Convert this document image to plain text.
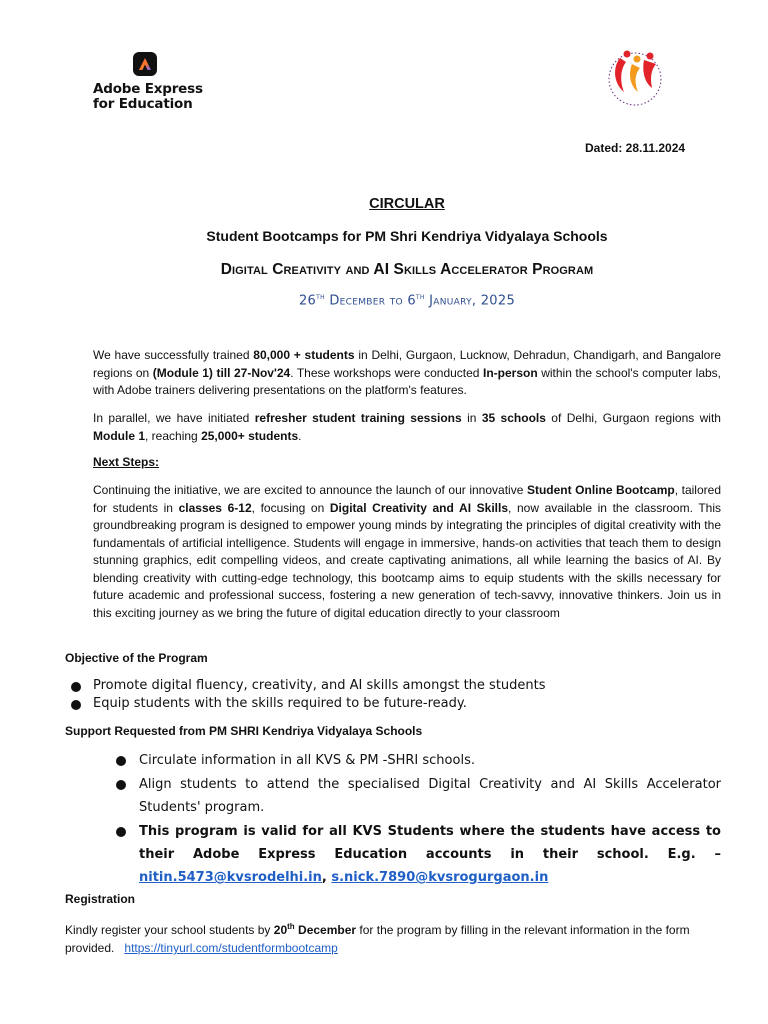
Adobe Express
for Education
Dated: 28.11.2024
CIRCULAR
Student Bootcamps for PM Shri Kendriya Vidyalaya Schools
Digital Creativity and AI Skills Accelerator Program
26th December to 6th January, 2025
We have successfully trained 80,000 + students in Delhi, Gurgaon, Lucknow, Dehradun, Chandigarh, and Bangalore regions on (Module 1) till 27-Nov'24. These workshops were conducted In-person within the school's computer labs, with Adobe trainers delivering presentations on the platform's features.
In parallel, we have initiated refresher student training sessions in 35 schools of Delhi, Gurgaon regions with Module 1, reaching 25,000+ students.
Next Steps:
Continuing the initiative, we are excited to announce the launch of our innovative Student Online Bootcamp, tailored for students in classes 6-12, focusing on Digital Creativity and AI Skills, now available in the classroom. This groundbreaking program is designed to empower young minds by integrating the principles of digital creativity with the fundamentals of artificial intelligence. Students will engage in immersive, hands-on activities that teach them to design stunning graphics, edit compelling videos, and create captivating animations, all while learning the basics of AI. By blending creativity with cutting-edge technology, this bootcamp aims to equip students with the skills necessary for future academic and professional success, fostering a new generation of tech-savvy, innovative thinkers. Join us in this exciting journey as we bring the future of digital education directly to your classroom
Objective of the Program
Promote digital fluency, creativity, and AI skills amongst the students
Equip students with the skills required to be future-ready.
Support Requested from PM SHRI Kendriya Vidyalaya Schools
Circulate information in all KVS & PM -SHRI schools.
Align students to attend the specialised Digital Creativity and AI Skills Accelerator Students' program.
This program is valid for all KVS Students where the students have access to their Adobe Express Education accounts in their school. E.g. – nitin.5473@kvsrodelhi.in, s.nick.7890@kvsrogurgaon.in
Registration
Kindly register your school students by 20th December for the program by filling in the relevant information in the form provided. https://tinyurl.com/studentformbootcamp
